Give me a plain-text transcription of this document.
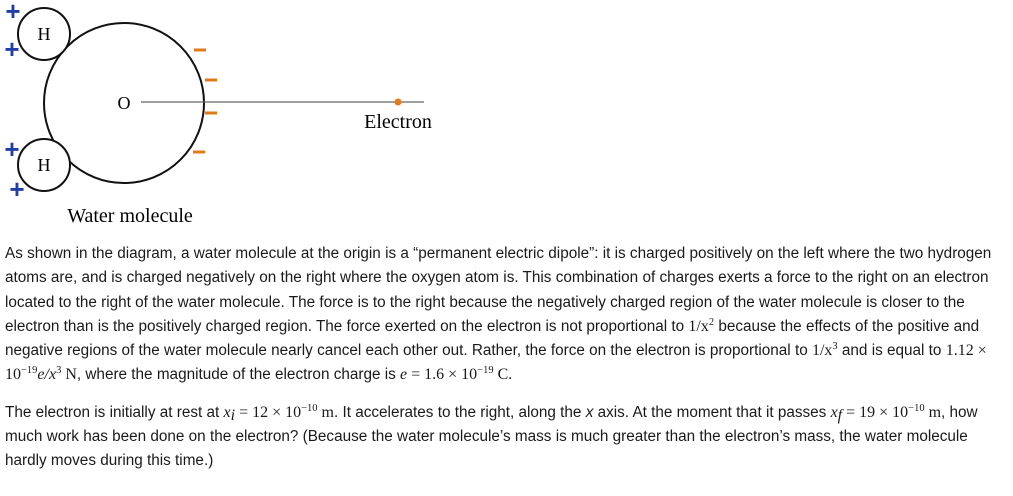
H
H
O
Electron
+
+
+
+
Water molecule

As shown in the diagram, a water molecule at the origin is a “permanent electric dipole”: it is charged positively on the left where the two hydrogen atoms are, and is charged negatively on the right where the oxygen atom is. This combination of charges exerts a force to the right on an electron located to the right of the water molecule. The force is to the right because the negatively charged region of the water molecule is closer to the electron than is the positively charged region. The force exerted on the electron is not proportional to $1/x^2$ because the effects of the positive and negative regions of the water molecule nearly cancel each other out. Rather, the force on the electron is proportional to $1/x^3$ and is equal to $1.12 \times 10^{-19}e/x^3$ N, where the magnitude of the electron charge is $e = 1.6 \times 10^{-19}$ C.

The electron is initially at rest at $x_i = 12 \times 10^{-10}$ m. It accelerates to the right, along the x axis. At the moment that it passes $x_f = 19 \times 10^{-10}$ m, how much work has been done on the electron? (Because the water molecule’s mass is much greater than the electron’s mass, the water molecule hardly moves during this time.)
